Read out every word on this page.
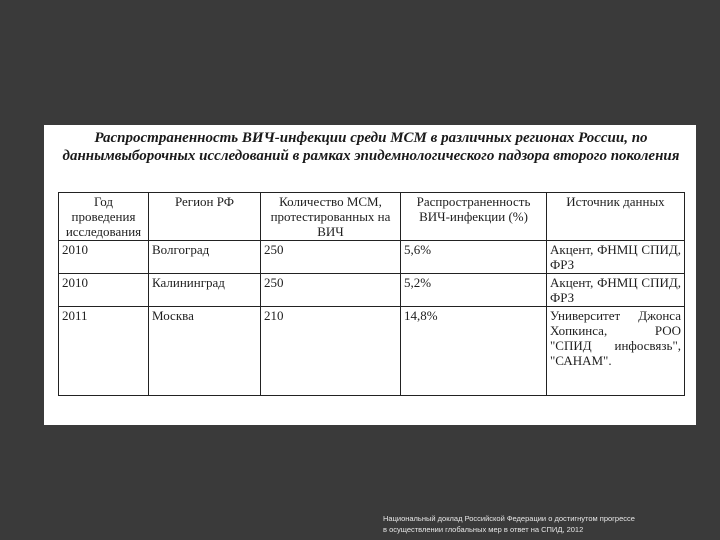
Распространенность ВИЧ-инфекции среди МСМ в различных регионах России, по даннымвыборочных исследований в рамках эпидемнологического падзора второго поколения
Год проведения исследования	Регион РФ	Количество МСМ, протестированных на ВИЧ	Распространенность ВИЧ-инфекции (%)	Источник данных
2010	Волгоград	250	5,6%	Акцент, ФНМЦ СПИД, ФРЗ
2010	Калининград	250	5,2%	Акцент, ФНМЦ СПИД, ФРЗ
2011	Москва	210	14,8%	Университет Джонса Хопкинса, РОО "СПИД инфосвязь", "САНАМ".
Национальный доклад Российской Федерации о достигнутом прогрессе
в осуществлении глобальных мер в ответ на СПИД, 2012
